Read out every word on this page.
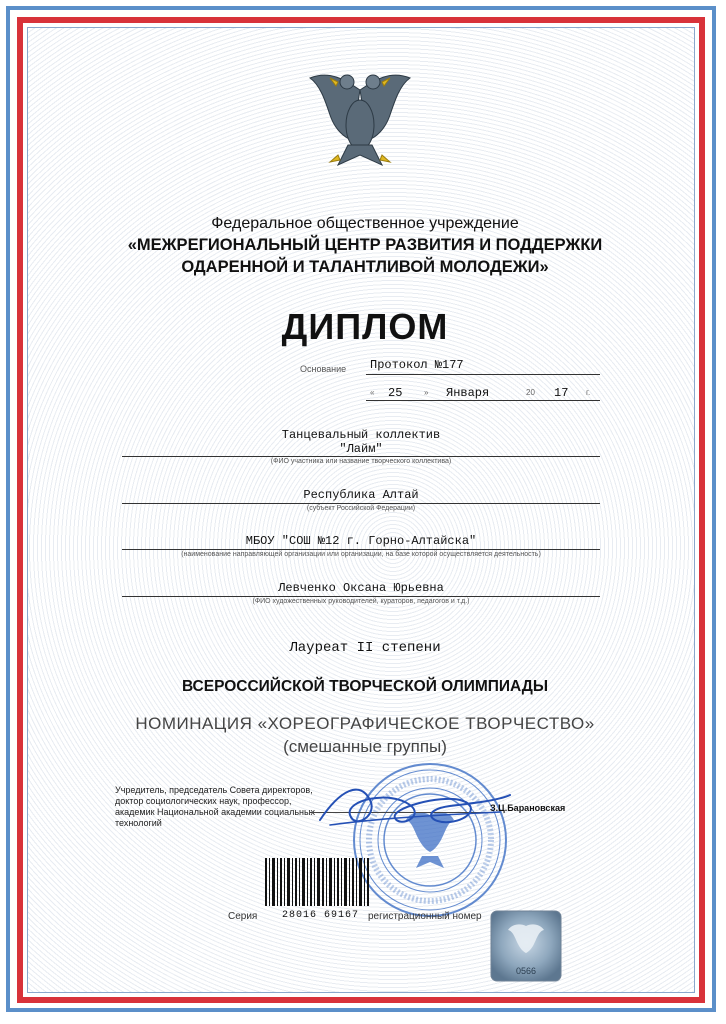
Федеральное общественное учреждение
«МЕЖРЕГИОНАЛЬНЫЙ ЦЕНТР РАЗВИТИЯ И ПОДДЕРЖКИ
ОДАРЕННОЙ И ТАЛАНТЛИВОЙ МОЛОДЕЖИ»
ДИПЛОМ
Основание	Протокол №177
« 25	» Января	20 17 г.
Танцевальный коллектив
"Лайм"
(ФИО участника или название творческого коллектива)
Республика Алтай
(субъект Российской Федерации)
МБОУ "СОШ №12 г. Горно-Алтайска"
(наименование направляющей организации или организации, на базе которой осуществляется деятельность)
Левченко Оксана Юрьевна
(ФИО художественных руководителей, кураторов, педагогов и т.д.)
Лауреат II степени
ВСЕРОССИЙСКОЙ ТВОРЧЕСКОЙ ОЛИМПИАДЫ
НОМИНАЦИЯ «ХОРЕОГРАФИЧЕСКОЕ ТВОРЧЕСТВО»
(смешанные группы)
Учредитель, председатель Совета директоров,
доктор социологических наук, профессор,
академик Национальной академии социальных технологий
З.Ц.Барановская
Серия 28016 69167 регистрационный номер
0566
